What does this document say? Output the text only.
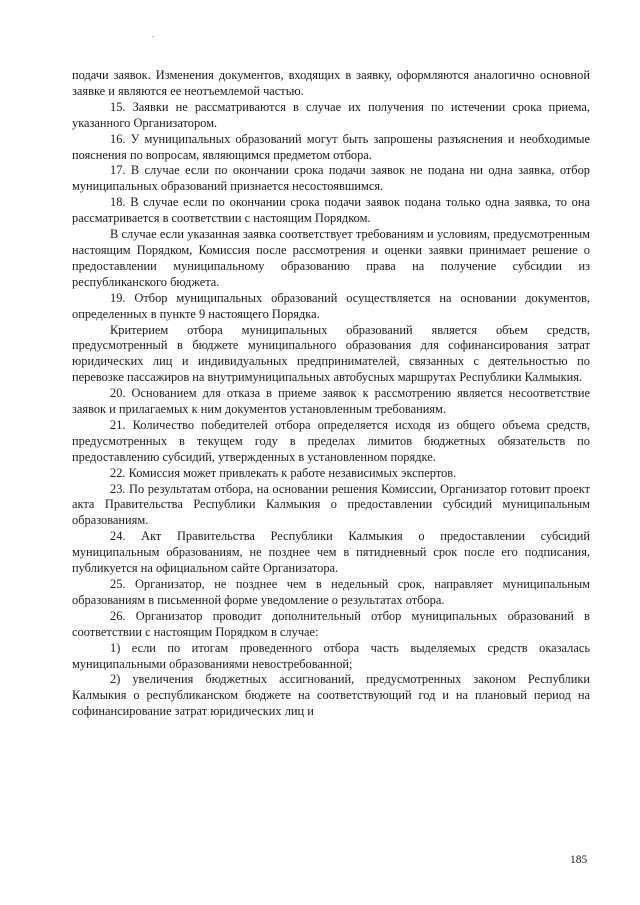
подачи заявок. Изменения документов, входящих в заявку, оформляются аналогично основной заявке и являются ее неотъемлемой частью.

15. Заявки не рассматриваются в случае их получения по истечении срока приема, указанного Организатором.

16. У муниципальных образований могут быть запрошены разъяснения и необходимые пояснения по вопросам, являющимся предметом отбора.

17. В случае если по окончании срока подачи заявок не подана ни одна заявка, отбор муниципальных образований признается несостоявшимся.

18. В случае если по окончании срока подачи заявок подана только одна заявка, то она рассматривается в соответствии с настоящим Порядком.

В случае если указанная заявка соответствует требованиям и условиям, предусмотренным настоящим Порядком, Комиссия после рассмотрения и оценки заявки принимает решение о предоставлении муниципальному образованию права на получение субсидии из республиканского бюджета.

19. Отбор муниципальных образований осуществляется на основании документов, определенных в пункте 9 настоящего Порядка.

Критерием отбора муниципальных образований является объем средств, предусмотренный в бюджете муниципального образования для софинансирования затрат юридических лиц и индивидуальных предпринимателей, связанных с деятельностью по перевозке пассажиров на внутримуниципальных автобусных маршрутах Республики Калмыкия.

20. Основанием для отказа в приеме заявок к рассмотрению является несоответствие заявок и прилагаемых к ним документов установленным требованиям.

21. Количество победителей отбора определяется исходя из общего объема средств, предусмотренных в текущем году в пределах лимитов бюджетных обязательств по предоставлению субсидий, утвержденных в установленном порядке.

22. Комиссия может привлекать к работе независимых экспертов.

23. По результатам отбора, на основании решения Комиссии, Организатор готовит проект акта Правительства Республики Калмыкия о предоставлении субсидий муниципальным образованиям.

24. Акт Правительства Республики Калмыкия о предоставлении субсидий муниципальным образованиям, не позднее чем в пятидневный срок после его подписания, публикуется на официальном сайте Организатора.

25. Организатор, не позднее чем в недельный срок, направляет муниципальным образованиям в письменной форме уведомление о результатах отбора.

26. Организатор проводит дополнительный отбор муниципальных образований в соответствии с настоящим Порядком в случае:

1) если по итогам проведенного отбора часть выделяемых средств оказалась муниципальными образованиями невостребованной;

2) увеличения бюджетных ассигнований, предусмотренных законом Республики Калмыкия о республиканском бюджете на соответствующий год и на плановый период на софинансирование затрат юридических лиц и

185
